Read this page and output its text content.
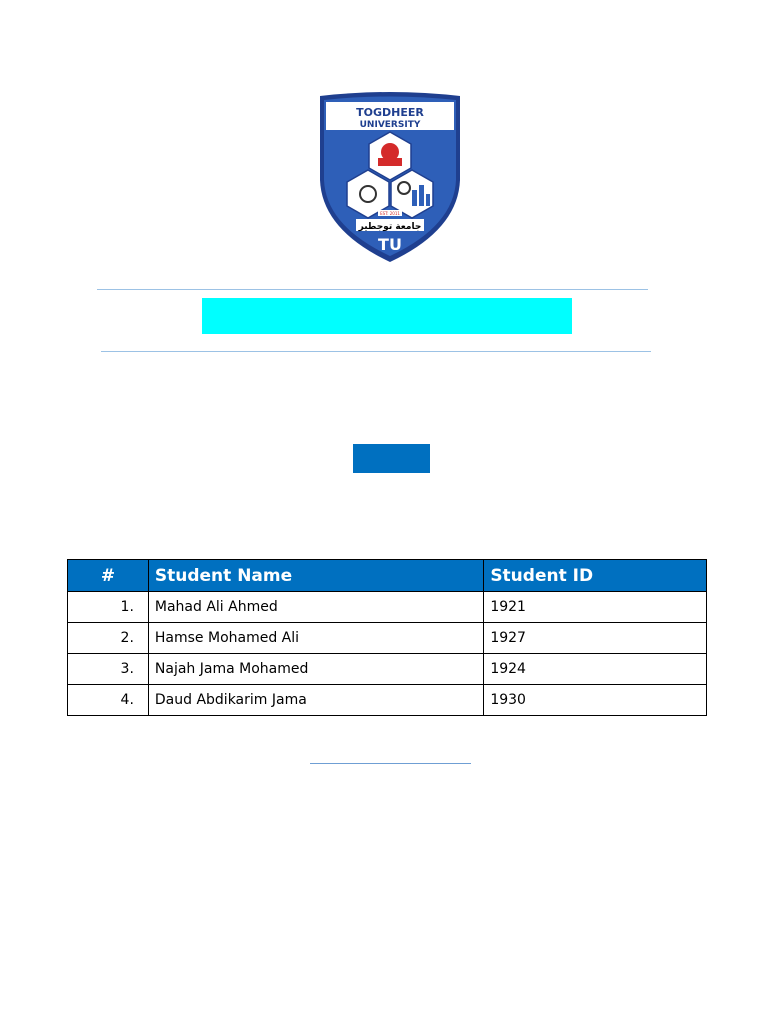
TOGDHEER
UNIVERSITY
EST: 2011
جامعة توجطير
TU
#	Student Name	Student ID
1.	Mahad Ali Ahmed	1921
2.	Hamse Mohamed Ali	1927
3.	Najah Jama Mohamed	1924
4.	Daud Abdikarim Jama	1930
